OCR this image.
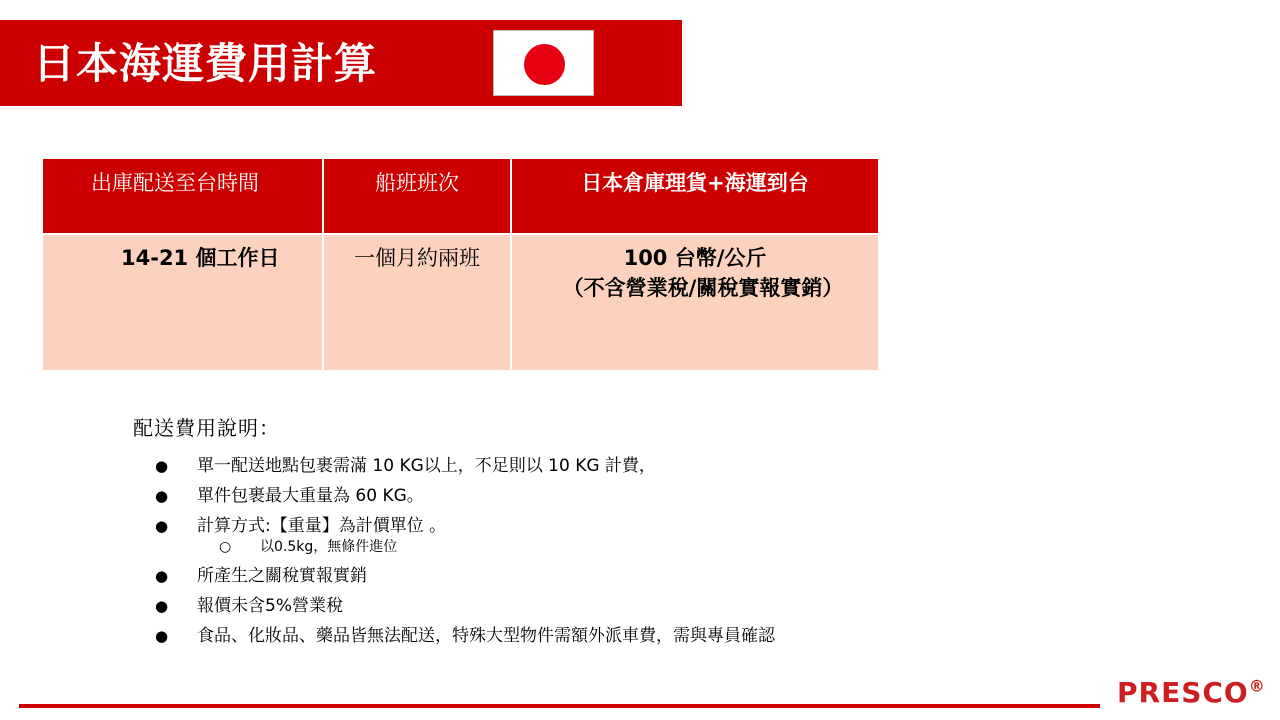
日本海運費用計算
出庫配送至台時間	船班班次	日本倉庫理貨+海運到台
14-21 個工作日	一個月約兩班	100 台幣/公斤

（不含營業稅/關稅實報實銷）
配送費用說明：
● 單一配送地點包裹需滿 10 KG以上，不足則以 10 KG 計費，
● 單件包裹最大重量為 60 KG。
● 計算方式:【重量】為計價單位 。
○ 以0.5kg，無條件進位
● 所產生之關稅實報實銷
● 報價未含5%營業稅
● 食品、化妝品、藥品皆無法配送，特殊大型物件需額外派車費，需與專員確認
PRESCO®
